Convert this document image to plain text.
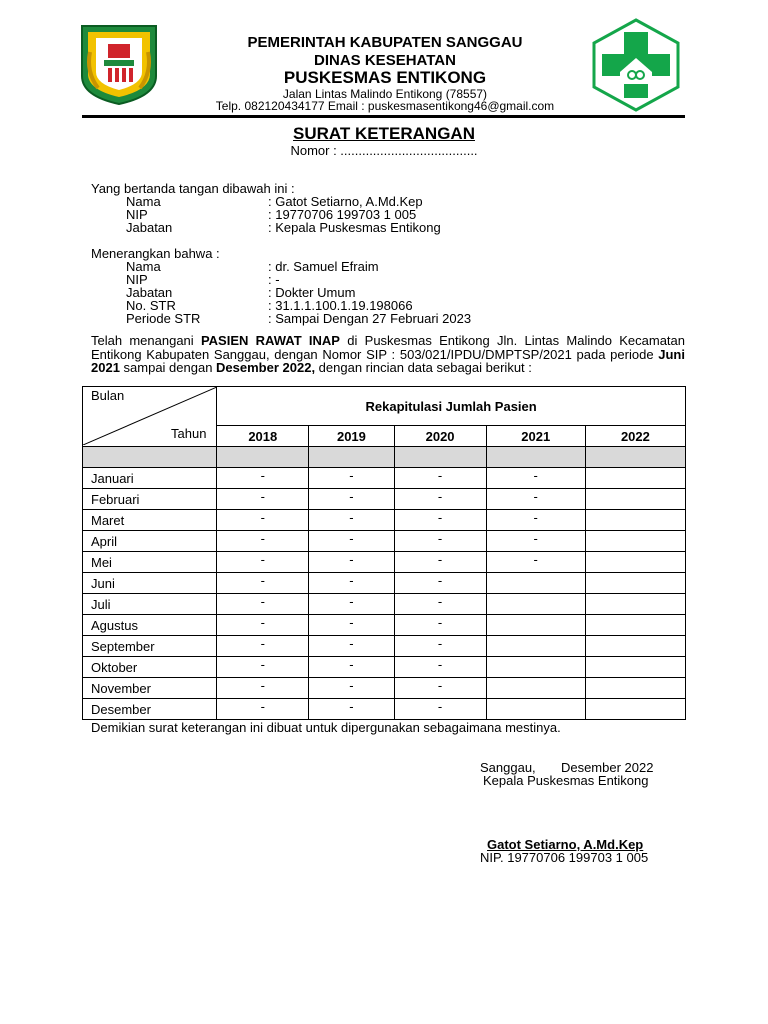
PEMERINTAH KABUPATEN SANGGAU
DINAS KESEHATAN
PUSKESMAS ENTIKONG
Jalan Lintas Malindo Entikong (78557)
Telp. 082120434177 Email : puskesmasentikong46@gmail.com
SURAT KETERANGAN
Nomor : ......................................
Yang bertanda tangan dibawah ini :
Nama	: Gatot Setiarno, A.Md.Kep
NIP	: 19770706 199703 1 005
Jabatan	: Kepala Puskesmas Entikong
Menerangkan bahwa :
Nama	: dr. Samuel Efraim
NIP	: -
Jabatan	: Dokter Umum
No. STR	: 31.1.1.100.1.19.198066
Periode STR	: Sampai Dengan 27 Februari 2023
Telah menangani PASIEN RAWAT INAP di Puskesmas Entikong Jln. Lintas Malindo Kecamatan Entikong Kabupaten Sanggau, dengan Nomor SIP : 503/021/IPDU/DMPTSP/2021 pada periode Juni 2021 sampai dengan Desember 2022, dengan rincian data sebagai berikut :
Bulan
Tahun	Rekapitulasi Jumlah Pasien				
	2018	2019	2020	2021	2022

Januari	-	-	-	-	
Februari	-	-	-	-	
Maret	-	-	-	-	
April	-	-	-	-	
Mei	-	-	-	-	
Juni	-	-	-		
Juli	-	-	-		
Agustus	-	-	-		
September	-	-	-		
Oktober	-	-	-		
November	-	-	-		
Desember	-	-	-		
Demikian surat keterangan ini dibuat untuk dipergunakan sebagaimana mestinya.
Sanggau,       Desember 2022
Kepala Puskesmas Entikong
Gatot Setiarno, A.Md.Kep
NIP. 19770706 199703 1 005
